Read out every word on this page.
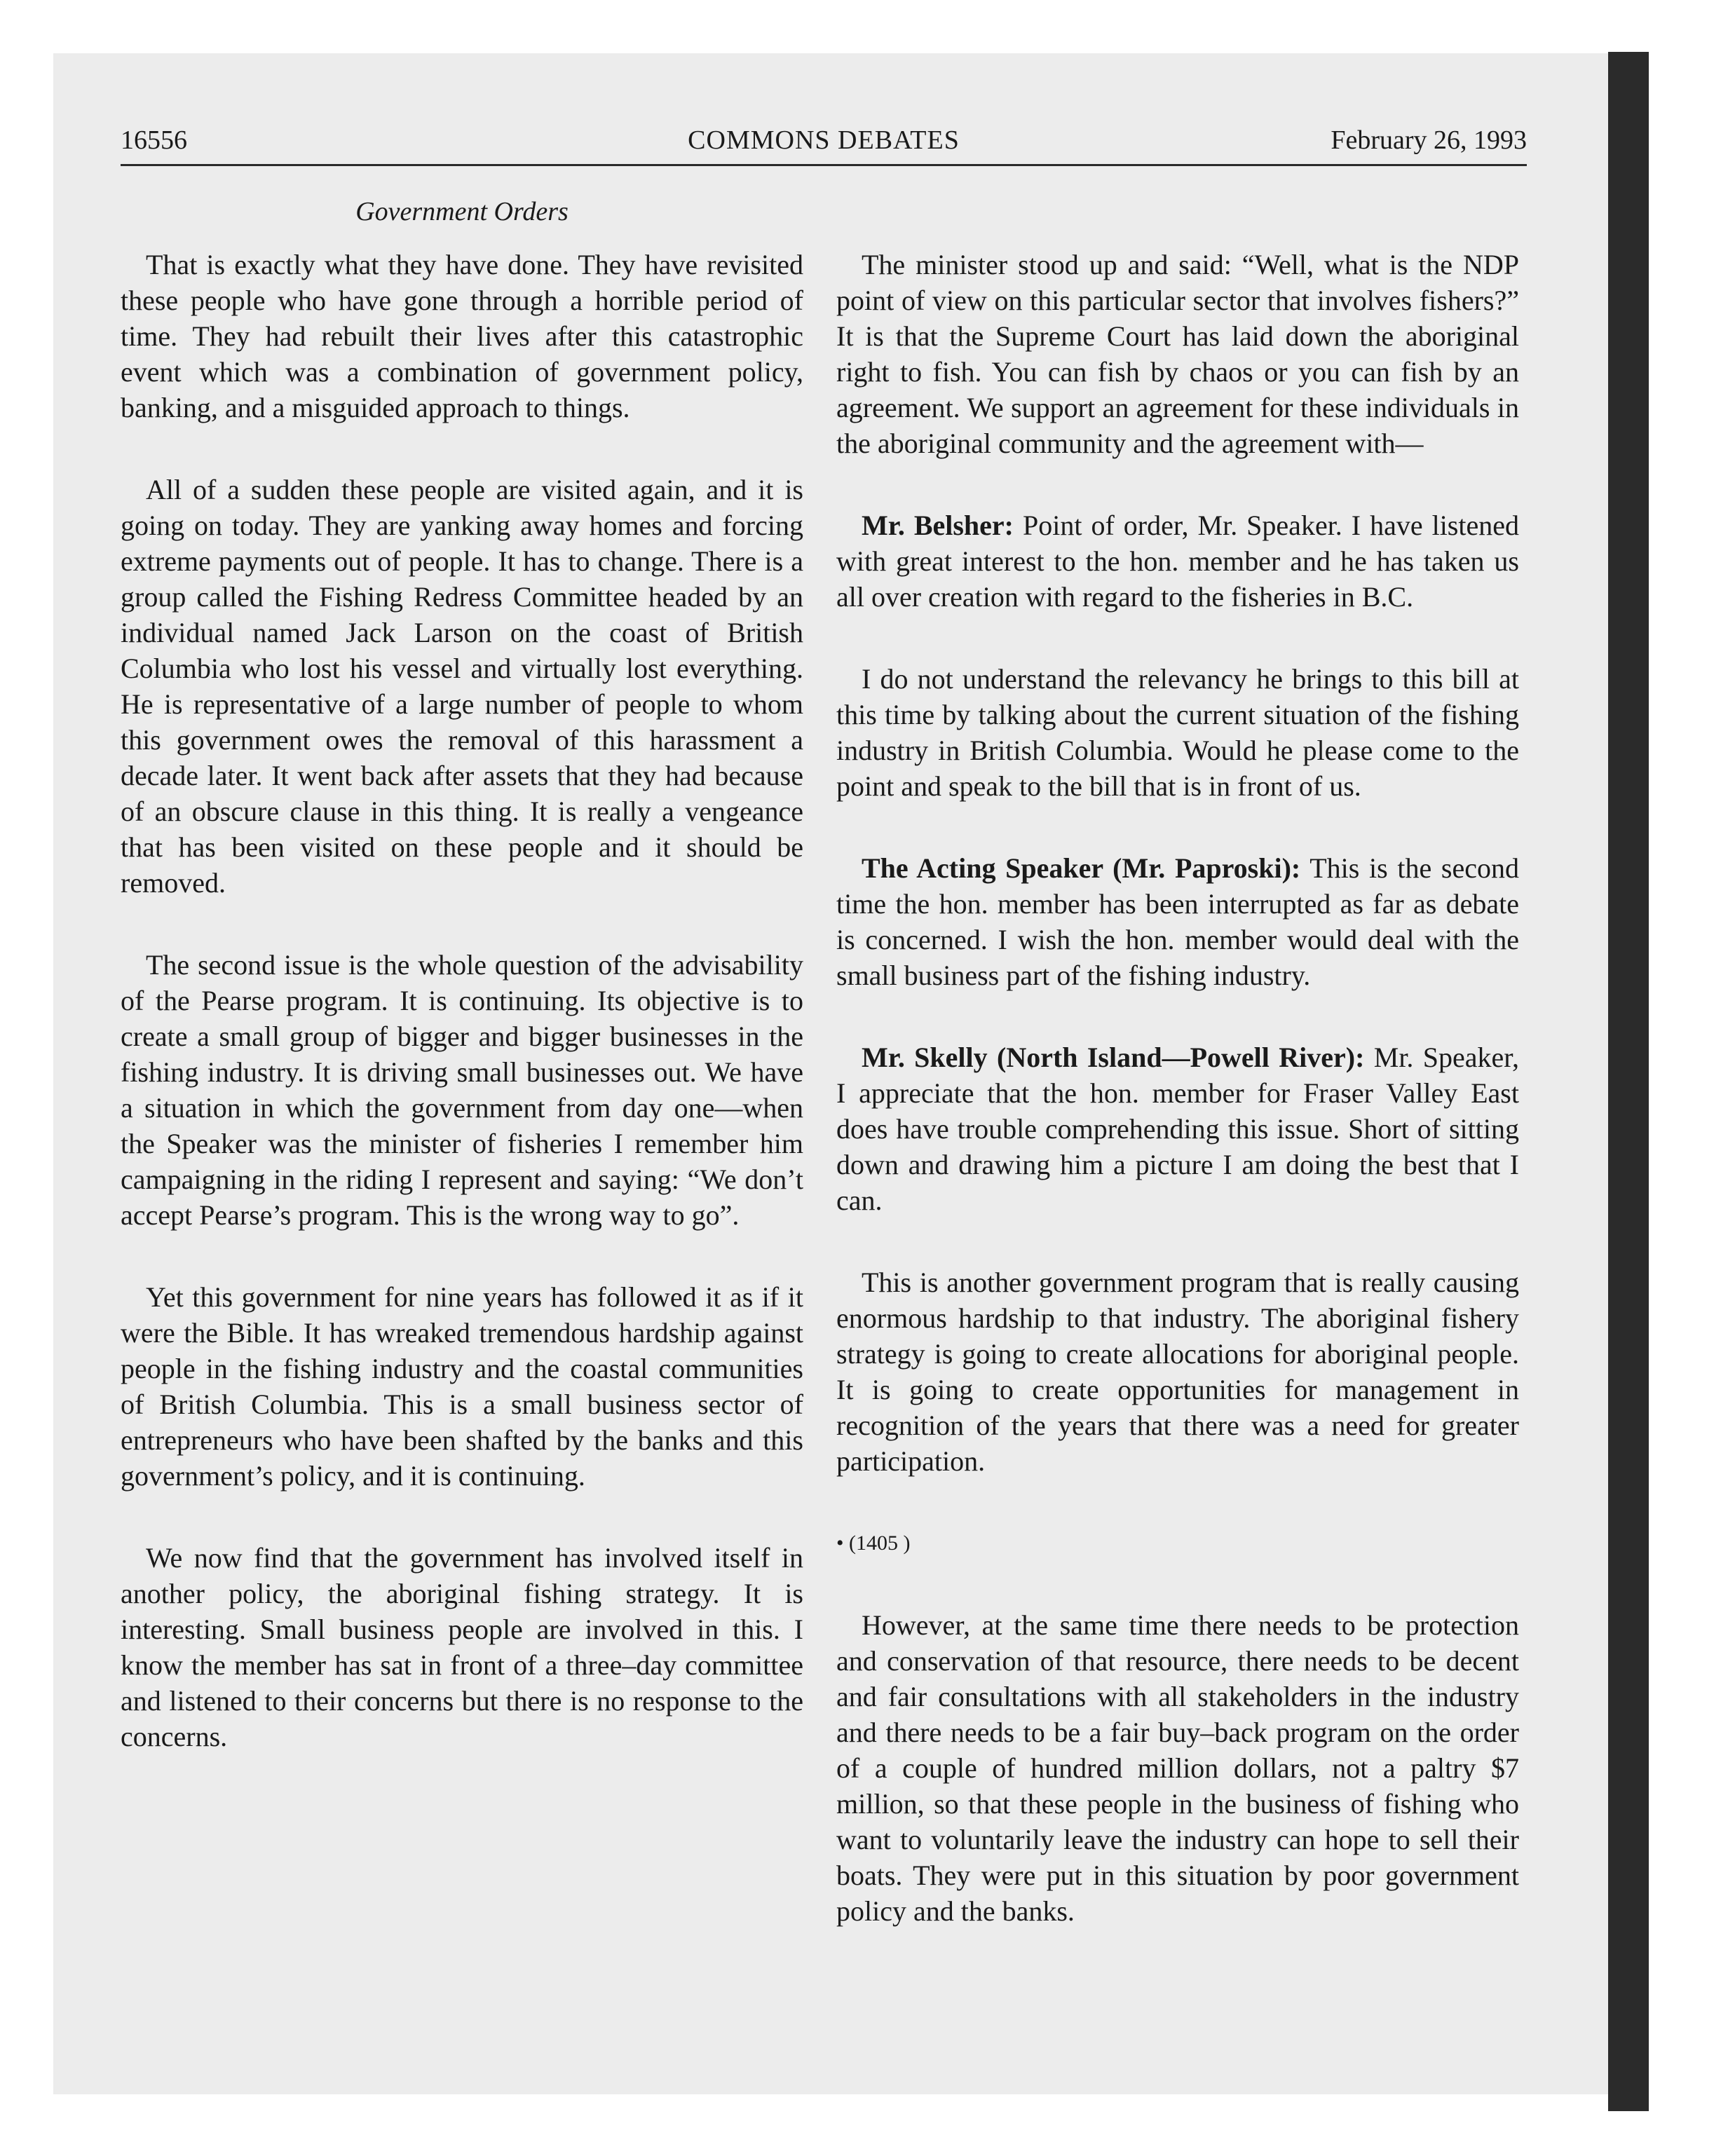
16556	COMMONS DEBATES	February 26, 1993
Government Orders

That is exactly what they have done. They have revisited these people who have gone through a horrible period of time. They had rebuilt their lives after this catastrophic event which was a combination of government policy, banking, and a misguided approach to things.

All of a sudden these people are visited again, and it is going on today. They are yanking away homes and forcing extreme payments out of people. It has to change. There is a group called the Fishing Redress Committee headed by an individual named Jack Larson on the coast of British Columbia who lost his vessel and virtually lost everything. He is representative of a large number of people to whom this government owes the removal of this harassment a decade later. It went back after assets that they had because of an obscure clause in this thing. It is really a vengeance that has been visited on these people and it should be removed.

The second issue is the whole question of the advisability of the Pearse program. It is continuing. Its objective is to create a small group of bigger and bigger businesses in the fishing industry. It is driving small businesses out. We have a situation in which the government from day one—when the Speaker was the minister of fisheries I remember him campaigning in the riding I represent and saying: “We don’t accept Pearse’s program. This is the wrong way to go”.

Yet this government for nine years has followed it as if it were the Bible. It has wreaked tremendous hardship against people in the fishing industry and the coastal communities of British Columbia. This is a small business sector of entrepreneurs who have been shafted by the banks and this government’s policy, and it is continuing.

We now find that the government has involved itself in another policy, the aboriginal fishing strategy. It is interesting. Small business people are involved in this. I know the member has sat in front of a three–day committee and listened to their concerns but there is no response to the concerns.

The minister stood up and said: “Well, what is the NDP point of view on this particular sector that involves fishers?” It is that the Supreme Court has laid down the aboriginal right to fish. You can fish by chaos or you can fish by an agreement. We support an agreement for these individuals in the aboriginal community and the agreement with—

Mr. Belsher: Point of order, Mr. Speaker. I have listened with great interest to the hon. member and he has taken us all over creation with regard to the fisheries in B.C.

I do not understand the relevancy he brings to this bill at this time by talking about the current situation of the fishing industry in British Columbia. Would he please come to the point and speak to the bill that is in front of us.

The Acting Speaker (Mr. Paproski): This is the second time the hon. member has been interrupted as far as debate is concerned. I wish the hon. member would deal with the small business part of the fishing industry.

Mr. Skelly (North Island—Powell River): Mr. Speaker, I appreciate that the hon. member for Fraser Valley East does have trouble comprehending this issue. Short of sitting down and drawing him a picture I am doing the best that I can.

This is another government program that is really causing enormous hardship to that industry. The aboriginal fishery strategy is going to create allocations for aboriginal people. It is going to create opportunities for management in recognition of the years that there was a need for greater participation.

• (1405 )

However, at the same time there needs to be protection and conservation of that resource, there needs to be decent and fair consultations with all stakeholders in the industry and there needs to be a fair buy–back program on the order of a couple of hundred million dollars, not a paltry $7 million, so that these people in the business of fishing who want to voluntarily leave the industry can hope to sell their boats. They were put in this situation by poor government policy and the banks.
